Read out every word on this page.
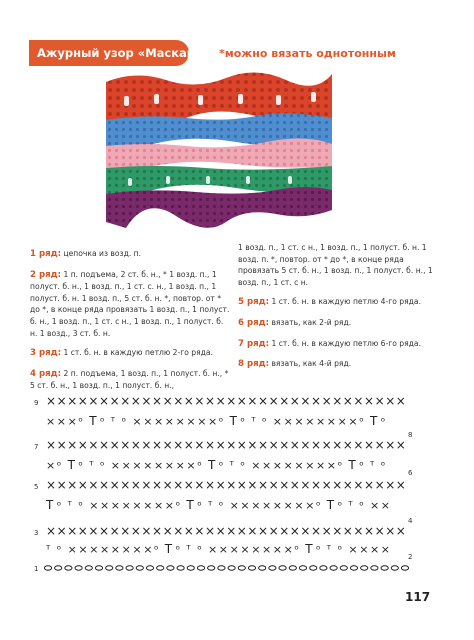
Ажурный узор «Маскарад» *можно вязать однотонным
1 ряд: цепочка из возд. п.
2 ряд: 1 п. подъема, 2 ст. б. н., * 1 возд. п., 1 полуст. б. н., 1 возд. п., 1 ст. с. н., 1 возд. п., 1 полуст. б. н. 1 возд. п., 5 ст. б. н. *, повтор. от * до *, в конце ряда провязать 1 возд. п., 1 полуст. б. н., 1 возд. п., 1 ст. с н., 1 возд. п., 1 полуст. б. н. 1 возд., 3 ст. б. н.
3 ряд: 1 ст. б. н. в каждую петлю 2-го ряда.
4 ряд: 2 п. подъема, 1 возд. п., 1 полуст. б. н., * 5 ст. б. н., 1 возд. п., 1 полуст. б. н.,
1 возд. п., 1 ст. с н., 1 возд. п., 1 полуст. б. н. 1 возд. п. *, повтор. от * до *, в конце ряда провязать 5 ст. б. н., 1 возд. п., 1 полуст. б. н., 1 возд. п., 1 ст. с н.
5 ряд: 1 ст. б. н. в каждую петлю 4-го ряда.
6 ряд: вязать, как 2-й ряд.
7 ряд: 1 ст. б. н. в каждую петлю 6-го ряда.
8 ряд: вязать, как 4-й ряд.
9
7
5
3
1
8
6
4
2
× × × × × × × × × × × × × × × × × × × × × × × × × × × × × × × × × ×
× × × × × × × × × × × × × × × × × × × × × × × × × × × × × × × × × ×
× × × × × × × × × × × × × × × × × × × × × × × × × × × × × × × × × ×
× × × × × × × × × × × × × × × × × × × × × × × × × × × × × × × × × ×
× × × ᵒ T ᵒ ᵀ ᵒ × × × × × × × × ᵒ T ᵒ ᵀ ᵒ × × × × × × × × ᵒ T ᵒ
× ᵒ T ᵒ ᵀ ᵒ × × × × × × × × ᵒ T ᵒ ᵀ ᵒ × × × × × × × × ᵒ T ᵒ ᵀ ᵒ
T ᵒ ᵀ ᵒ × × × × × × × × ᵒ T ᵒ ᵀ ᵒ × × × × × × × × ᵒ T ᵒ ᵀ ᵒ × ×
ᵀ ᵒ × × × × × × × × ᵒ T ᵒ ᵀ ᵒ × × × × × × × × ᵒ T ᵒ ᵀ ᵒ × × × ×
117
